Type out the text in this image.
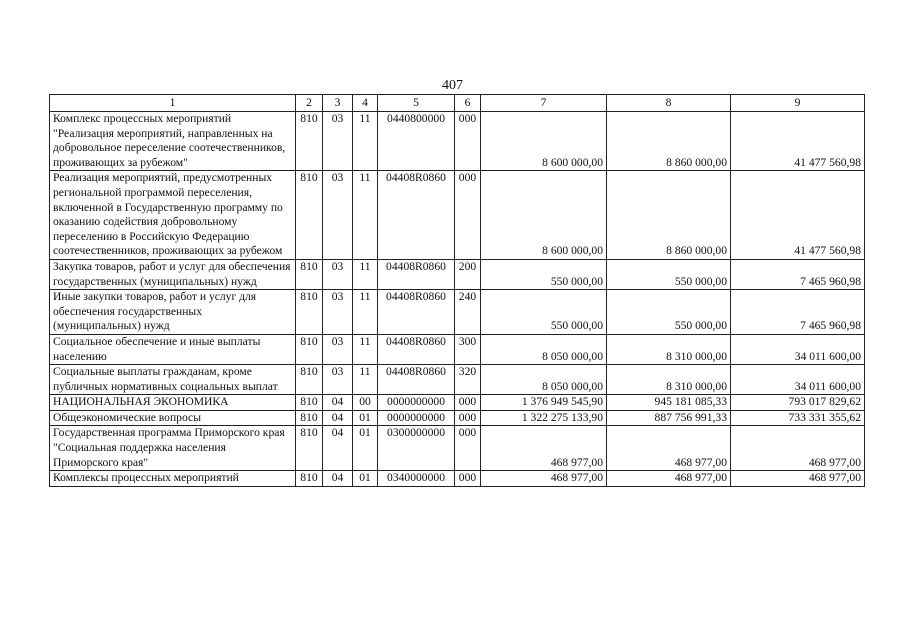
407
1	2	3	4	5	6	7	8	9
Комплекс процессных мероприятий "Реализация мероприятий, направленных на добровольное переселение соотечественников, проживающих за рубежом"	810	03	11	0440800000	000	8 600 000,00	8 860 000,00	41 477 560,98
Реализация мероприятий, предусмотренных региональной программой переселения, включенной в Государственную программу по оказанию содействия добровольному переселению в Российскую Федерацию соотечественников, проживающих за рубежом	810	03	11	04408R0860	000	8 600 000,00	8 860 000,00	41 477 560,98
Закупка товаров, работ и услуг для обеспечения государственных (муниципальных) нужд	810	03	11	04408R0860	200	550 000,00	550 000,00	7 465 960,98
Иные закупки товаров, работ и услуг для обеспечения государственных (муниципальных) нужд	810	03	11	04408R0860	240	550 000,00	550 000,00	7 465 960,98
Социальное обеспечение и иные выплаты населению	810	03	11	04408R0860	300	8 050 000,00	8 310 000,00	34 011 600,00
Социальные выплаты гражданам, кроме публичных нормативных социальных выплат	810	03	11	04408R0860	320	8 050 000,00	8 310 000,00	34 011 600,00
НАЦИОНАЛЬНАЯ ЭКОНОМИКА	810	04	00	0000000000	000	1 376 949 545,90	945 181 085,33	793 017 829,62
Общеэкономические вопросы	810	04	01	0000000000	000	1 322 275 133,90	887 756 991,33	733 331 355,62
Государственная программа Приморского края "Социальная поддержка населения Приморского края"	810	04	01	0300000000	000	468 977,00	468 977,00	468 977,00
Комплексы процессных мероприятий	810	04	01	0340000000	000	468 977,00	468 977,00	468 977,00
